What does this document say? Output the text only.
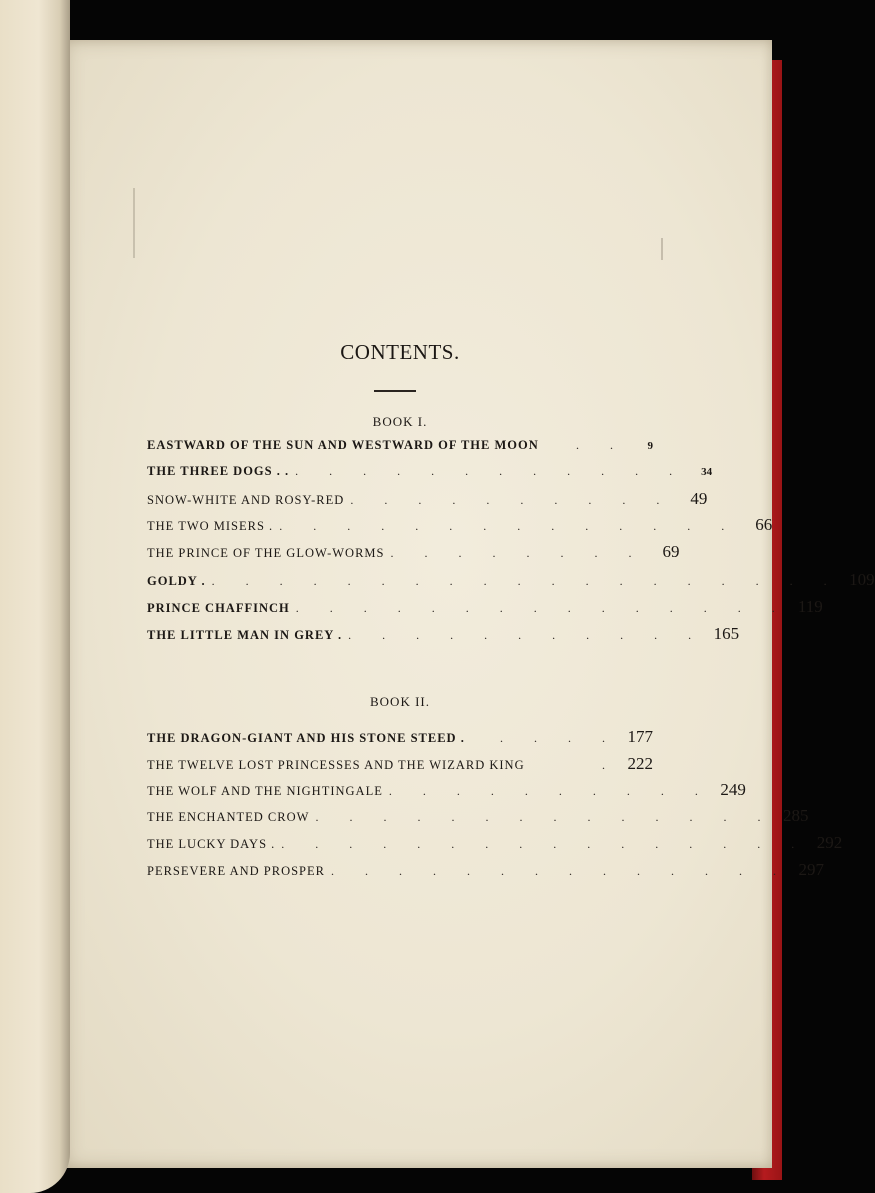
CONTENTS.
BOOK I.
EASTWARD OF THE SUN AND WESTWARD OF THE MOON	. .	9
THE THREE DOGS . . . . . . . . . . . . . .	34
SNOW-WHITE AND ROSY-RED . . . . . . . . . .	49
THE TWO MISERS . . . . . . . . . . . . . . .	66
THE PRINCE OF THE GLOW-WORMS . . . . . . . .	69
GOLDY . . . . . . . . . . . . . . . . . . . . 109
PRINCE CHAFFINCH . . . . . . . . . . . . . . . 119
THE LITTLE MAN IN GREY . . . . . . . . . . . . 165
BOOK II.
THE DRAGON-GIANT AND HIS STONE STEED .	. . . . 177
THE TWELVE LOST PRINCESSES AND THE WIZARD KING	. 222
THE WOLF AND THE NIGHTINGALE . . . . . . . . . . 249
THE ENCHANTED CROW . . . . . . . . . . . . . . 285
THE LUCKY DAYS . . . . . . . . . . . . . . . . . 292
PERSEVERE AND PROSPER . . . . . . . . . . . . . . 297
